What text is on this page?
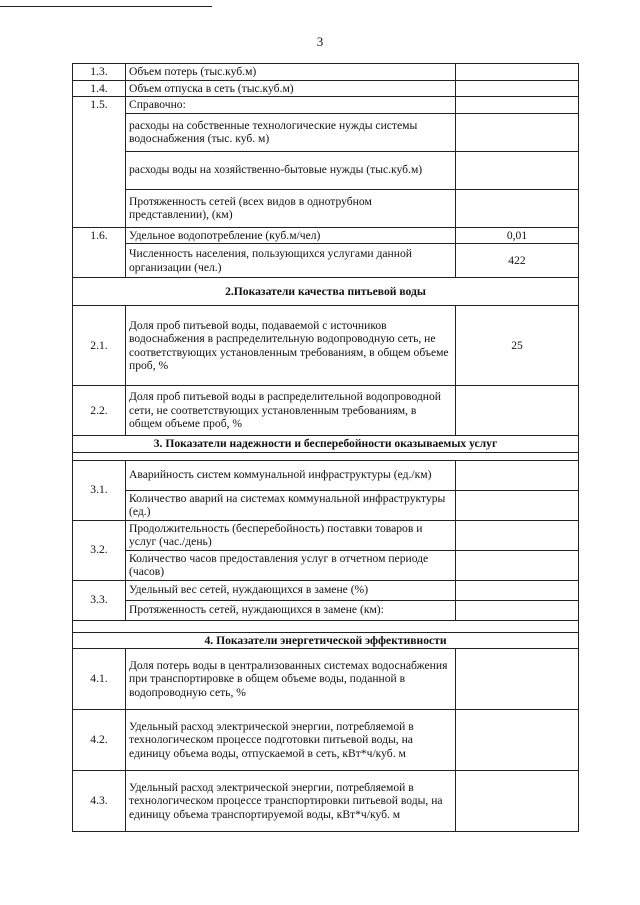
3
1.3.	Объем потерь (тыс.куб.м)	
1.4.	Объем отпуска в сеть (тыс.куб.м)	
1.5.	Справочно:	
	расходы на собственные технологические нужды системы водоснабжения (тыс. куб. м)	
	расходы воды на хозяйственно-бытовые нужды (тыс.куб.м)	
	Протяженность сетей (всех видов в однотрубном представлении), (км)	
1.6.	Удельное водопотребление (куб.м/чел)	0,01
	Численность населения, пользующихся услугами данной организации (чел.)	422
2.Показатели качества питьевой воды		
2.1.	Доля проб питьевой воды, подаваемой с источников водоснабжения в распределительную водопроводную сеть, не соответствующих установленным требованиям, в общем объеме проб, %	25
2.2.	Доля проб питьевой воды в распределительной водопроводной сети, не соответствующих установленным требованиям, в общем объеме проб, %	
3. Показатели надежности и бесперебойности оказываемых услуг		

3.1.	Аварийность систем коммунальной инфраструктуры (ед./км)	
	Количество аварий на системах коммунальной инфраструктуры (ед.)	
3.2.	Продолжительность (бесперебойность) поставки товаров и услуг (час./день)	
	Количество часов предоставления услуг в отчетном периоде (часов)	
3.3.	Удельный вес сетей, нуждающихся в замене (%)	
	Протяженность сетей, нуждающихся в замене (км):	

4. Показатели энергетической эффективности		
4.1.	Доля потерь воды в централизованных системах водоснабжения при транспортировке в общем объеме воды, поданной в водопроводную сеть, %	
4.2.	Удельный расход электрической энергии, потребляемой в технологическом процессе подготовки питьевой воды, на единицу объема воды, отпускаемой в сеть, кВт*ч/куб. м	
4.3.	Удельный расход электрической энергии, потребляемой в технологическом процессе транспортировки питьевой воды, на единицу объема транспортируемой воды, кВт*ч/куб. м	
